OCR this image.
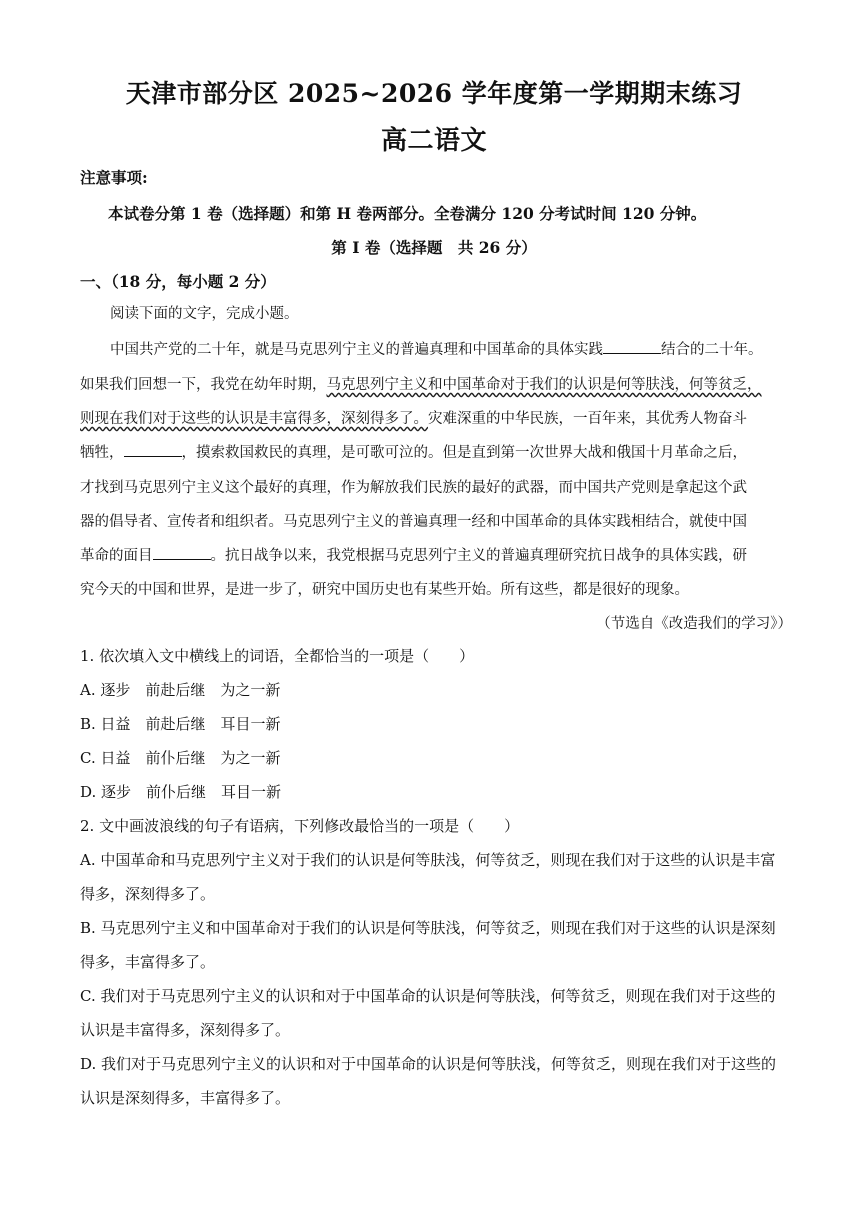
天津市部分区 2025~2026 学年度第一学期期末练习
高二语文
注意事项:
本试卷分第 1 卷（选择题）和第 H 卷两部分。全卷满分 120 分考试时间 120 分钟。
第 I 卷（选择题　共 26 分）
一、（18 分，每小题 2 分）
阅读下面的文字，完成小题。
中国共产党的二十年，就是马克思列宁主义的普遍真理和中国革命的具体实践	结合的二十年。
如果我们回想一下，我党在幼年时期，马克思列宁主义和中国革命对于我们的认识是何等肤浅，何等贫乏，
则现在我们对于这些的认识是丰富得多，深刻得多了。灾难深重的中华民族，一百年来，其优秀人物奋斗
牺牲，	，摸索救国救民的真理，是可歌可泣的。但是直到第一次世界大战和俄国十月革命之后，
才找到马克思列宁主义这个最好的真理，作为解放我们民族的最好的武器，而中国共产党则是拿起这个武
器的倡导者、宣传者和组织者。马克思列宁主义的普遍真理一经和中国革命的具体实践相结合，就使中国
革命的面目	。抗日战争以来，我党根据马克思列宁主义的普遍真理研究抗日战争的具体实践，研
究今天的中国和世界，是进一步了，研究中国历史也有某些开始。所有这些，都是很好的现象。
（节选自《改造我们的学习》）
1. 依次填入文中横线上的词语，全都恰当的一项是（　　）
A. 逐步　前赴后继　为之一新
B. 日益　前赴后继　耳目一新
C. 日益　前仆后继　为之一新
D. 逐步　前仆后继　耳目一新
2. 文中画波浪线的句子有语病，下列修改最恰当的一项是（　　）
A. 中国革命和马克思列宁主义对于我们的认识是何等肤浅，何等贫乏，则现在我们对于这些的认识是丰富
得多，深刻得多了。
B. 马克思列宁主义和中国革命对于我们的认识是何等肤浅，何等贫乏，则现在我们对于这些的认识是深刻
得多，丰富得多了。
C. 我们对于马克思列宁主义的认识和对于中国革命的认识是何等肤浅，何等贫乏，则现在我们对于这些的
认识是丰富得多，深刻得多了。
D. 我们对于马克思列宁主义的认识和对于中国革命的认识是何等肤浅，何等贫乏，则现在我们对于这些的
认识是深刻得多，丰富得多了。
